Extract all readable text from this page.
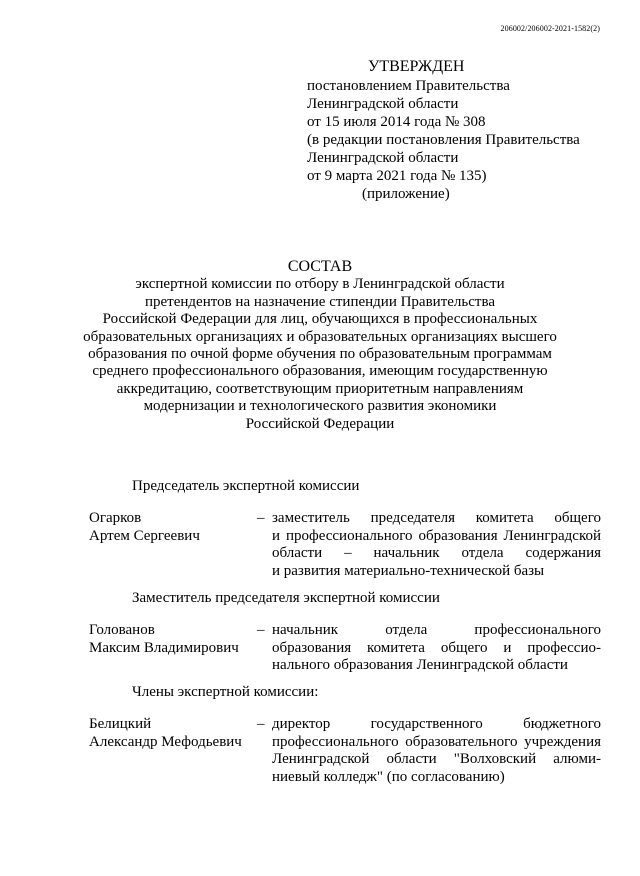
206002/206002-2021-1582(2)
УТВЕРЖДЕН
постановлением Правительства
Ленинградской области
от 15 июля 2014 года № 308
(в редакции постановления Правительства
Ленинградской области
от 9 марта 2021 года № 135)
(приложение)
СОСТАВ
экспертной комиссии по отбору в Ленинградской области
претендентов на назначение стипендии Правительства
Российской Федерации для лиц, обучающихся в профессиональных
образовательных организациях и образовательных организациях высшего
образования по очной форме обучения по образовательным программам
среднего профессионального образования, имеющим государственную
аккредитацию, соответствующим приоритетным направлениям
модернизации и технологического развития экономики
Российской Федерации
Председатель экспертной комиссии
Огарков
Артем Сергеевич
– заместитель председателя комитета общего
и профессионального образования Ленинградской
области – начальник отдела содержания
и развития материально-технической базы
Заместитель председателя экспертной комиссии
Голованов
Максим Владимирович
– начальник отдела профессионального
образования комитета общего и профессио-
нального образования Ленинградской области
Члены экспертной комиссии:
Белицкий
Александр Мефодьевич
– директор государственного бюджетного
профессионального образовательного учреждения
Ленинградской области "Волховский алюми-
ниевый колледж" (по согласованию)
